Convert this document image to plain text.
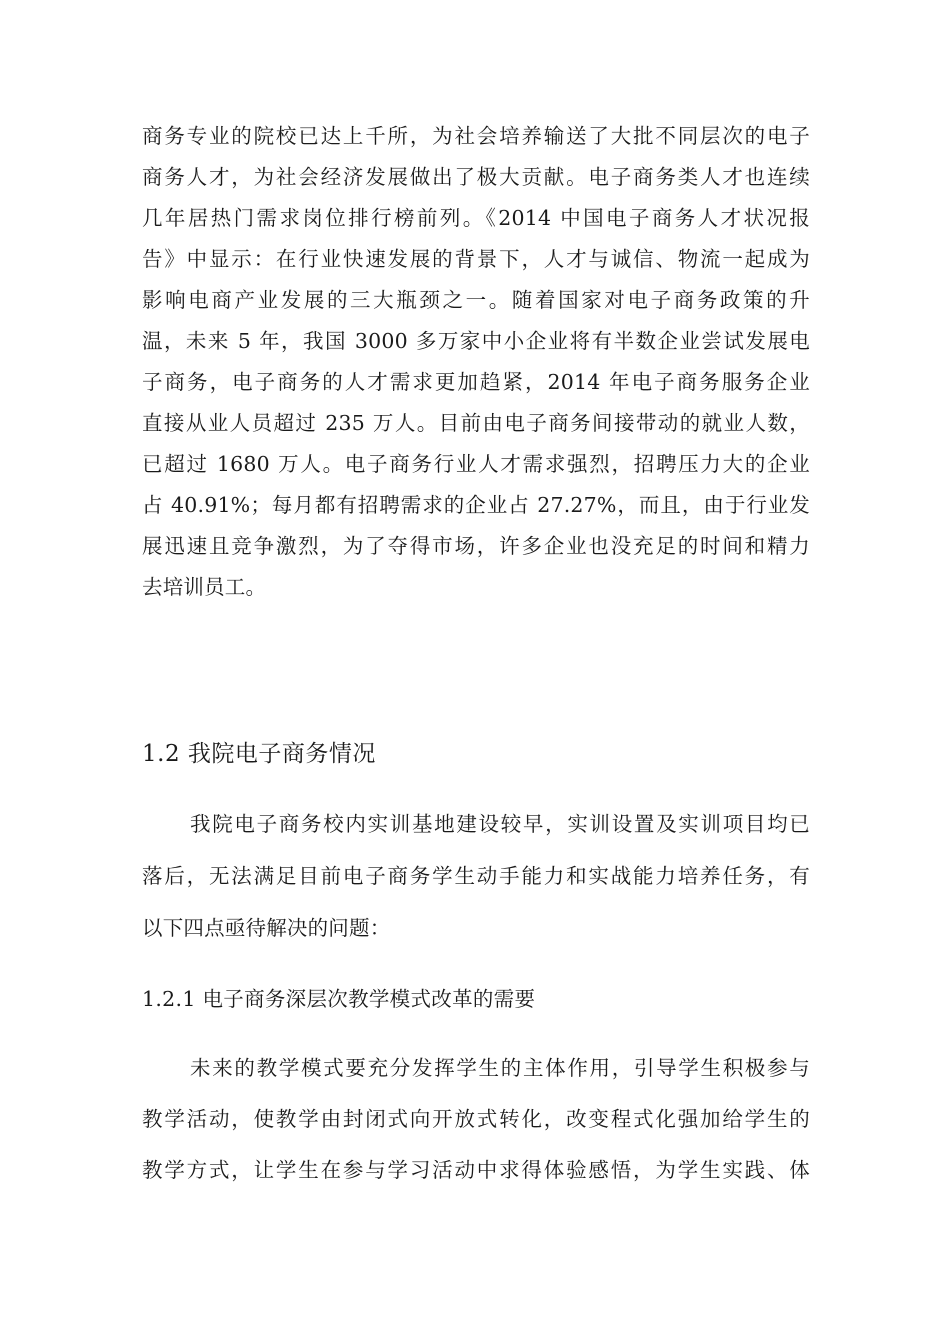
商务专业的院校已达上千所，为社会培养输送了大批不同层次的电子
商务人才，为社会经济发展做出了极大贡献。电子商务类人才也连续
几年居热门需求岗位排行榜前列。《2014 中国电子商务人才状况报
告》中显示：在行业快速发展的背景下，人才与诚信、物流一起成为
影响电商产业发展的三大瓶颈之一。随着国家对电子商务政策的升
温，未来 5 年，我国 3000 多万家中小企业将有半数企业尝试发展电
子商务，电子商务的人才需求更加趋紧，2014 年电子商务服务企业
直接从业人员超过 235 万人。目前由电子商务间接带动的就业人数，
已超过 1680 万人。电子商务行业人才需求强烈，招聘压力大的企业
占 40.91%；每月都有招聘需求的企业占 27.27%，而且，由于行业发
展迅速且竞争激烈，为了夺得市场，许多企业也没充足的时间和精力
去培训员工。
1.2 我院电子商务情况
我院电子商务校内实训基地建设较早，实训设置及实训项目均已
落后，无法满足目前电子商务学生动手能力和实战能力培养任务，有
以下四点亟待解决的问题：
1.2.1 电子商务深层次教学模式改革的需要
未来的教学模式要充分发挥学生的主体作用，引导学生积极参与
教学活动，使教学由封闭式向开放式转化，改变程式化强加给学生的
教学方式，让学生在参与学习活动中求得体验感悟，为学生实践、体
